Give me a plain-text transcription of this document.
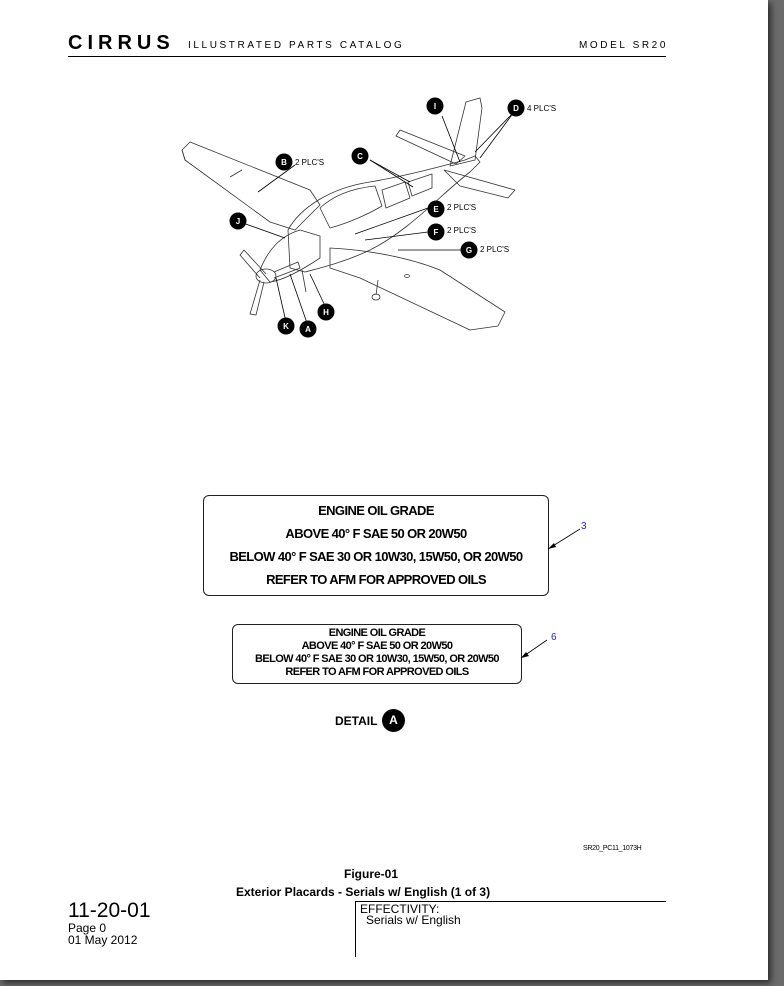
CIRRUS ILLUSTRATED PARTS CATALOG	MODEL SR20
I	D 4 PLC'S
B 2 PLC'S
C
E 2 PLC'S
J
F 2 PLC'S
G 2 PLC'S
H
K A
ENGINE OIL GRADE
ABOVE 40° F SAE 50 OR 20W50
BELOW 40° F SAE 30 OR 10W30, 15W50, OR 20W50
REFER TO AFM FOR APPROVED OILS
3
ENGINE OIL GRADE
ABOVE 40° F SAE 50 OR 20W50
BELOW 40° F SAE 30 OR 10W30, 15W50, OR 20W50
REFER TO AFM FOR APPROVED OILS
6
DETAIL A
SR20_PC11_1073H
Figure-01
Exterior Placards - Serials w/ English (1 of 3)
11-20-01
Page 0
01 May 2012
EFFECTIVITY:
Serials w/ English
